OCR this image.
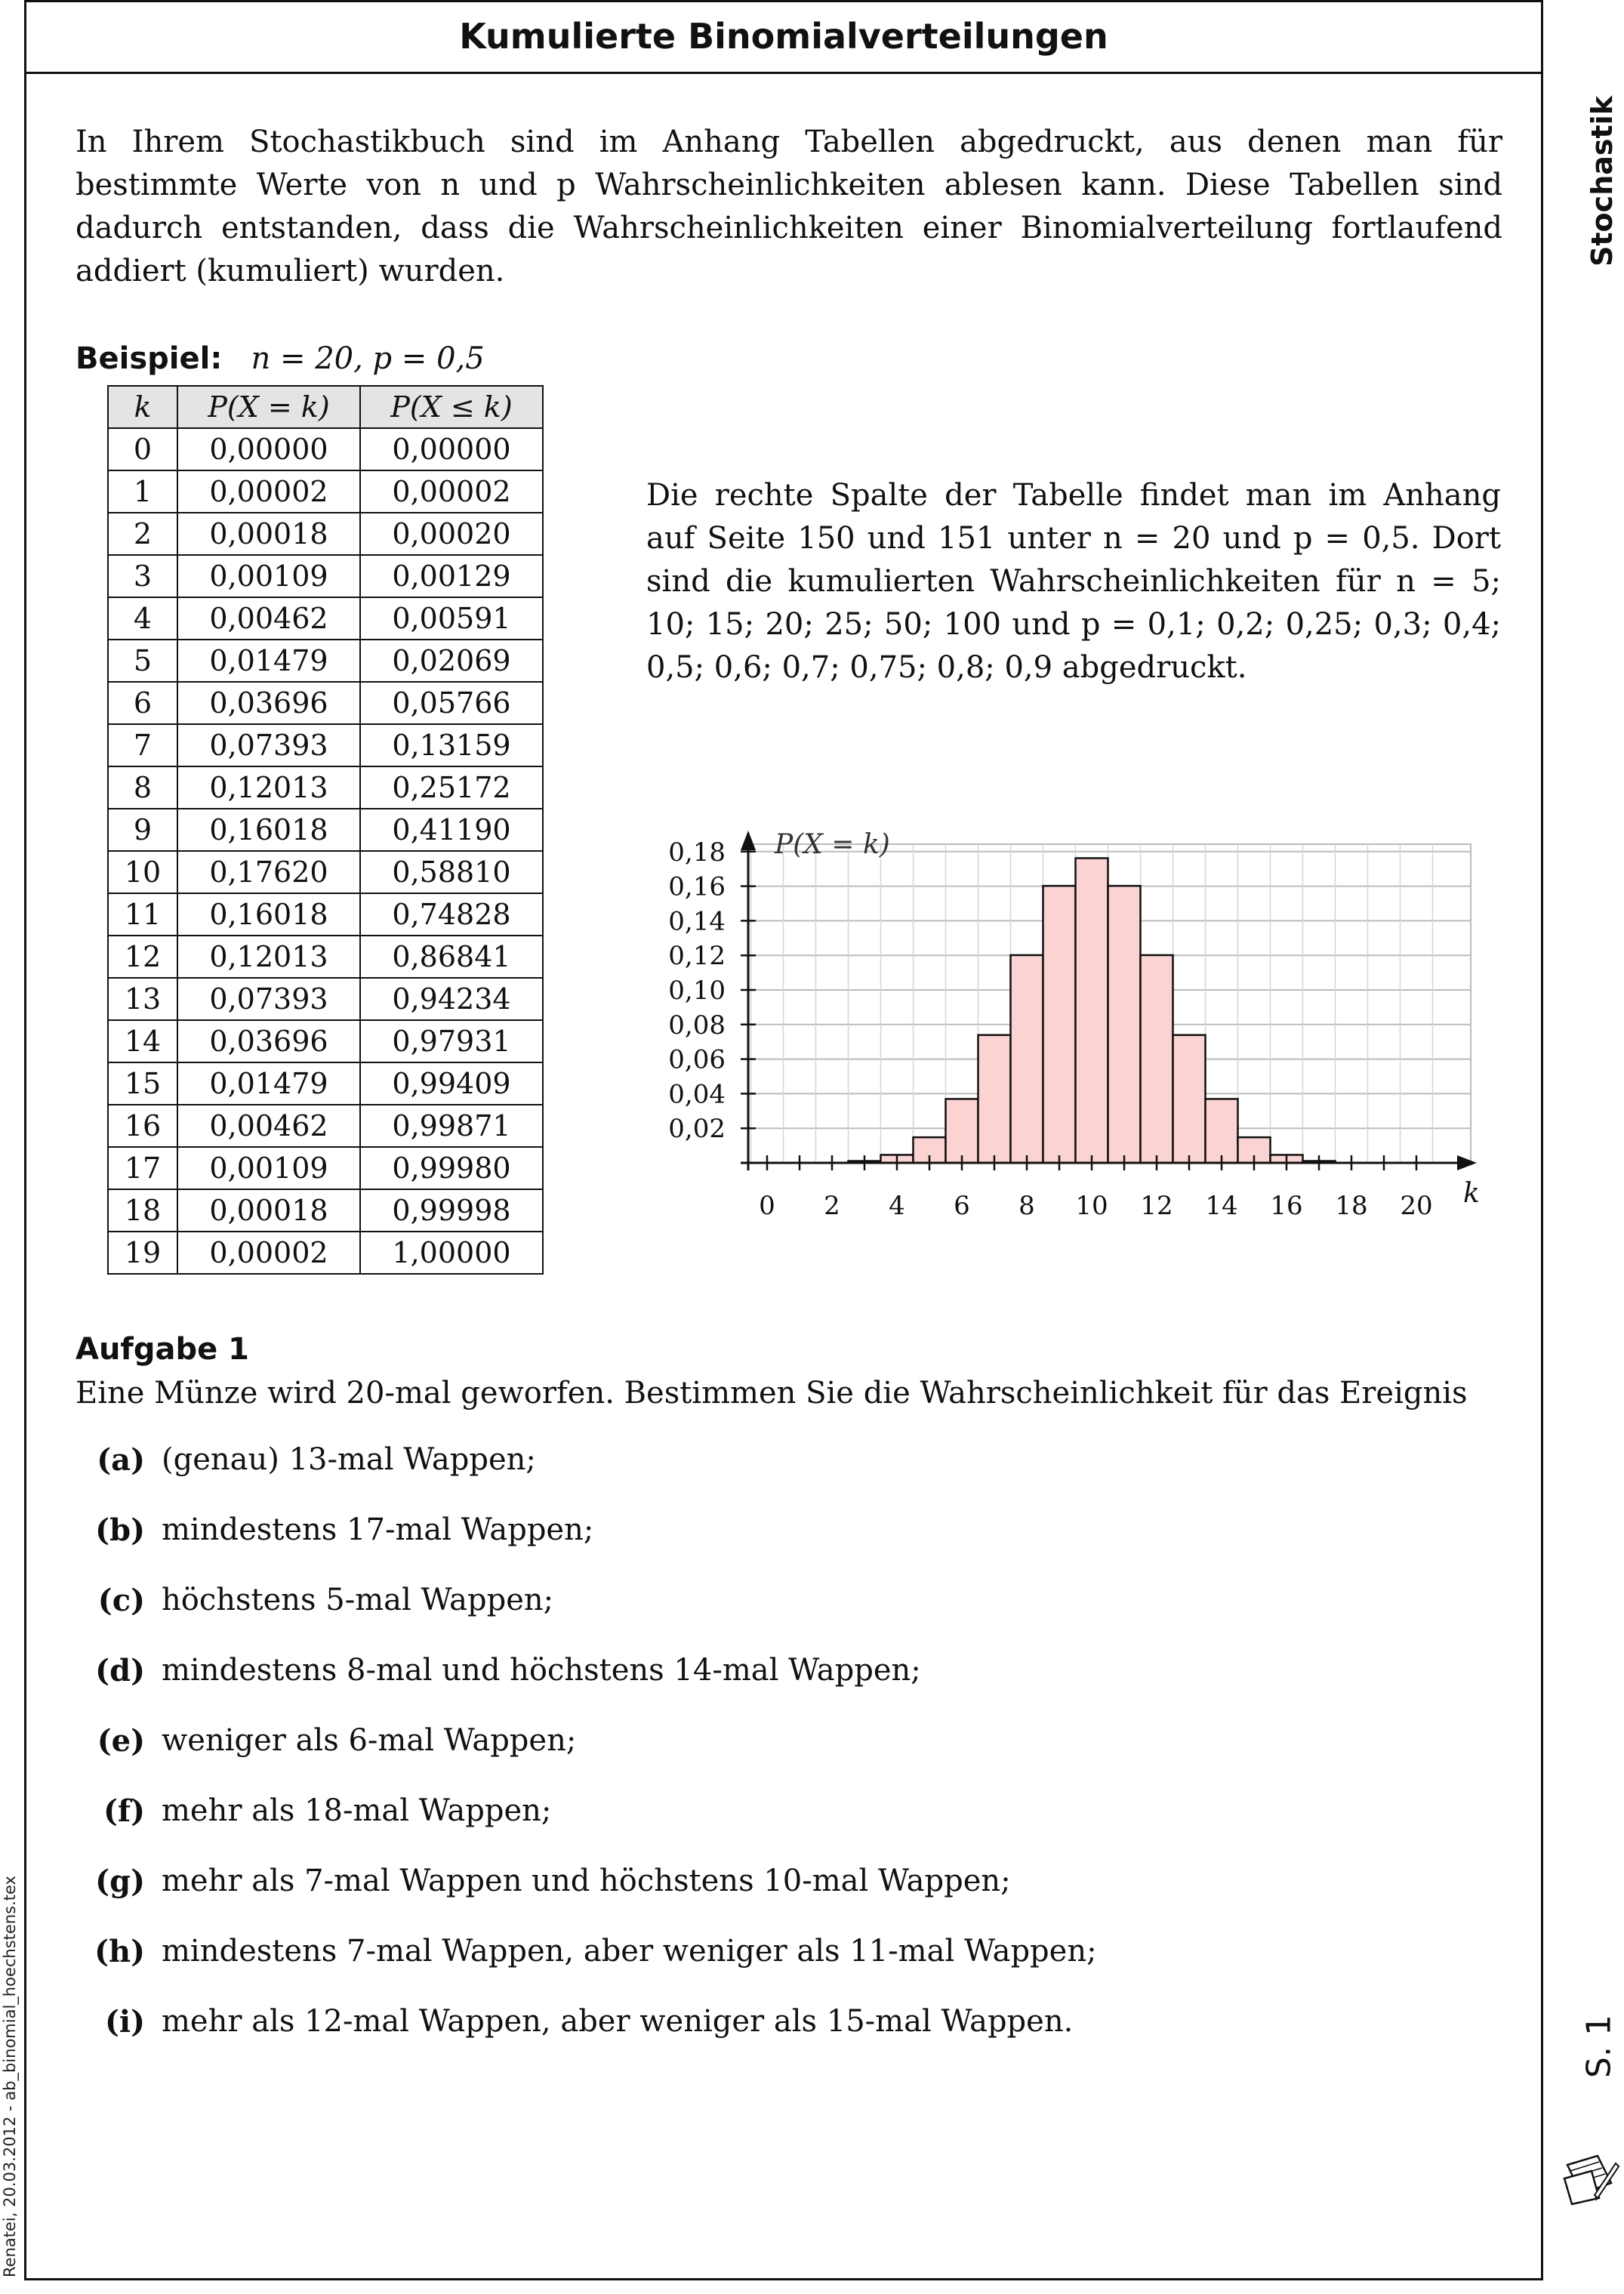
Kumulierte Binomialverteilungen
Stochastik
S. 1
Renatei, 20.03.2012 - ab_binomial_hoechstens.tex

In Ihrem Stochastikbuch sind im Anhang Tabellen abgedruckt, aus denen man für bestimmte Werte von n und p Wahrscheinlichkeiten ablesen kann. Diese Tabellen sind dadurch entstanden, dass die Wahrscheinlichkeiten einer Binomialverteilung fortlaufend addiert (kumuliert) wurden.

Beispiel: n = 20, p = 0,5
k	P(X = k)	P(X ≤ k)
0	0,00000	0,00000
1	0,00002	0,00002
2	0,00018	0,00020
3	0,00109	0,00129
4	0,00462	0,00591
5	0,01479	0,02069
6	0,03696	0,05766
7	0,07393	0,13159
8	0,12013	0,25172
9	0,16018	0,41190
10	0,17620	0,58810
11	0,16018	0,74828
12	0,12013	0,86841
13	0,07393	0,94234
14	0,03696	0,97931
15	0,01479	0,99409
16	0,00462	0,99871
17	0,00109	0,99980
18	0,00018	0,99998
19	0,00002	1,00000

Die rechte Spalte der Tabelle findet man im Anhang auf Seite 150 und 151 unter n = 20 und p = 0,5. Dort sind die kumulierten Wahrscheinlichkeiten für n = 5; 10; 15; 20; 25; 50; 100 und p = 0,1; 0,2; 0,25; 0,3; 0,4; 0,5; 0,6; 0,7; 0,75; 0,8; 0,9 abgedruckt.

0,02
0,04
0,06
0,08
0,10
0,12
0,14
0,16
0,18
0 2 4 6 8 10 12 14 16 18 20
P(X = k)
k
Aufgabe 1
Eine Münze wird 20-mal geworfen. Bestimmen Sie die Wahrscheinlichkeit für das Ereignis
(a) (genau) 13-mal Wappen;
(b) mindestens 17-mal Wappen;
(c) höchstens 5-mal Wappen;
(d) mindestens 8-mal und höchstens 14-mal Wappen;
(e) weniger als 6-mal Wappen;
(f) mehr als 18-mal Wappen;
(g) mehr als 7-mal Wappen und höchstens 10-mal Wappen;
(h) mindestens 7-mal Wappen, aber weniger als 11-mal Wappen;
(i) mehr als 12-mal Wappen, aber weniger als 15-mal Wappen.
